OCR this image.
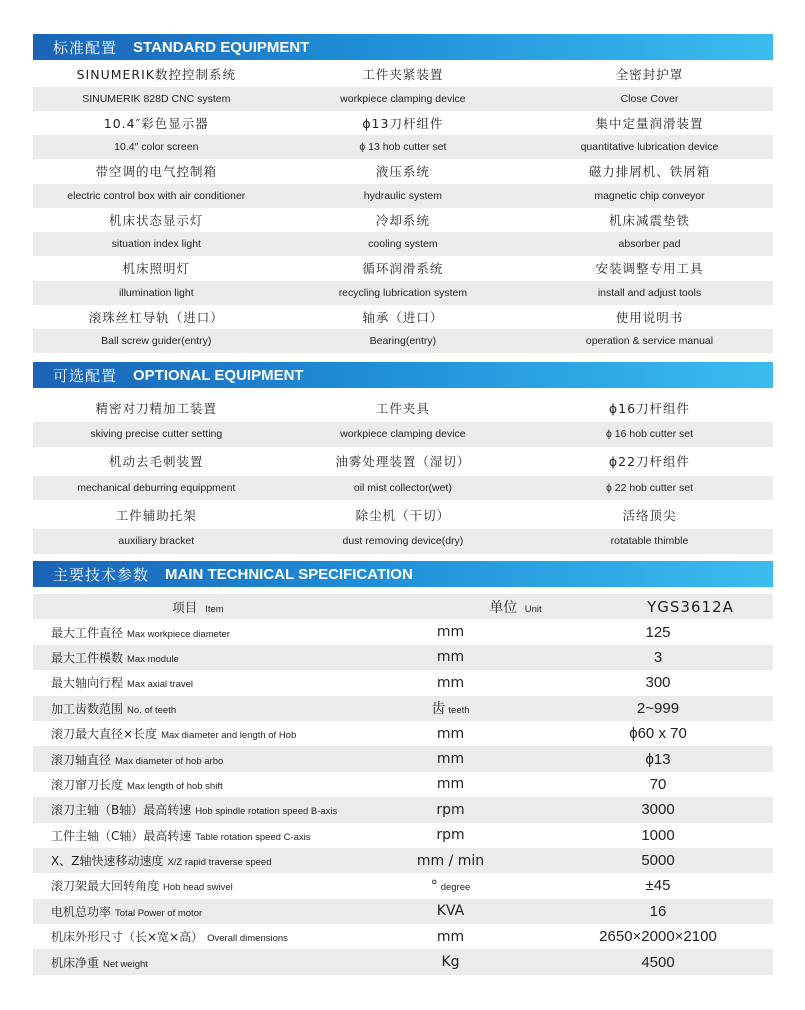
标准配置 STANDARD EQUIPMENT
SINUMERIK数控控制系统	工件夹紧装置	全密封护罩
SINUMERIK 828D CNC system	workpiece clamping device	Close Cover
10.4″彩色显示器	ϕ13刀杆组件	集中定量润滑装置
10.4″ color screen	ϕ 13 hob cutter set	quantitative lubrication device
带空调的电气控制箱	液压系统	磁力排屑机、铁屑箱
electric control box with air conditioner	hydraulic system	magnetic chip conveyor
机床状态显示灯	冷却系统	机床减震垫铁
situation index light	cooling system	absorber pad
机床照明灯	循环润滑系统	安装调整专用工具
illumination light	recycling lubrication system	install and adjust tools
滚珠丝杠导轨（进口）	轴承（进口）	使用说明书
Ball screw guider(entry)	Bearing(entry)	operation & service manual
可选配置 OPTIONAL EQUIPMENT
精密对刀精加工装置	工件夹具	ϕ16刀杆组件
skiving precise cutter setting	workpiece clamping device	ϕ 16 hob cutter set
机动去毛刺装置	油雾处理装置（湿切）	ϕ22刀杆组件
mechanical deburring equippment	oil mist collector(wet)	ϕ 22 hob cutter set
工件辅助托架	除尘机（干切）	活络顶尖
auxiliary bracket	dust removing device(dry)	rotatable thimble
主要技术参数 MAIN TECHNICAL SPECIFICATION
项目 Item	单位 Unit	YGS3612A
最大工件直径 Max workpiece diameter	mm	125
最大工件模数 Max module	mm	3
最大轴向行程 Max axial travel	mm	300
加工齿数范围 No. of teeth	齿 teeth	2~999
滚刀最大直径×长度 Max diameter and length of Hob	mm	ϕ60 x 70
滚刀轴直径 Max diameter of hob arbo	mm	ϕ13
滚刀窜刀长度 Max length of hob shift	mm	70
滚刀主轴（B轴）最高转速 Hob spindle rotation speed B-axis	rpm	3000
工件主轴（C轴）最高转速 Table rotation speed C-axis	rpm	1000
X、Z轴快速移动速度 X/Z rapid traverse speed	mm / min	5000
滚刀架最大回转角度 Hob head swivel	° degree	±45
电机总功率 Total Power of motor	KVA	16
机床外形尺寸（长×宽×高） Overall dimensions	mm	2650×2000×2100
机床净重 Net weight	Kg	4500
